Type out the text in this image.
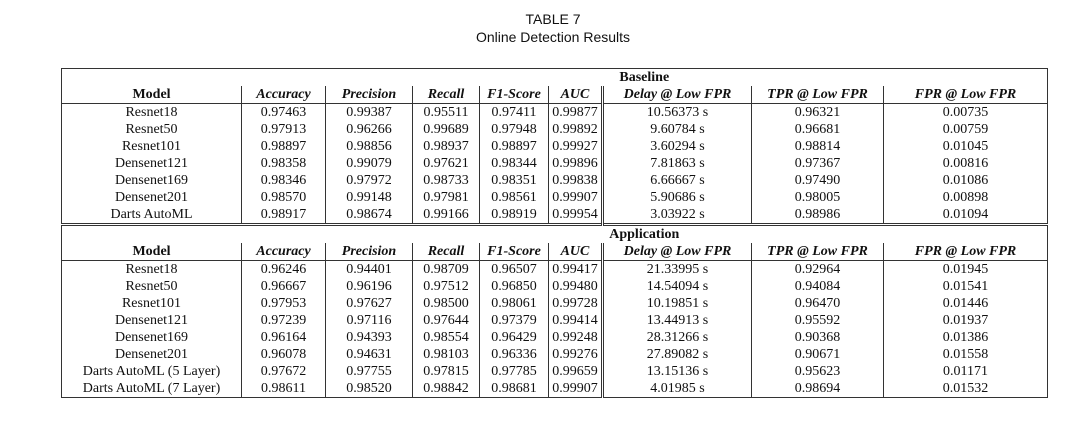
TABLE 7
Online Detection Results
	Baseline							
Model	Accuracy	Precision	Recall	F1-Score	AUC	Delay @ Low FPR	TPR @ Low FPR	FPR @ Low FPR
Resnet18	0.97463	0.99387	0.95511	0.97411	0.99877	10.56373 s	0.96321	0.00735
Resnet50	0.97913	0.96266	0.99689	0.97948	0.99892	9.60784 s	0.96681	0.00759
Resnet101	0.98897	0.98856	0.98937	0.98897	0.99927	3.60294 s	0.98814	0.01045
Densenet121	0.98358	0.99079	0.97621	0.98344	0.99896	7.81863 s	0.97367	0.00816
Densenet169	0.98346	0.97972	0.98733	0.98351	0.99838	6.66667 s	0.97490	0.01086
Densenet201	0.98570	0.99148	0.97981	0.98561	0.99907	5.90686 s	0.98005	0.00898
Darts AutoML	0.98917	0.98674	0.99166	0.98919	0.99954	3.03922 s	0.98986	0.01094
	Application							
Model	Accuracy	Precision	Recall	F1-Score	AUC	Delay @ Low FPR	TPR @ Low FPR	FPR @ Low FPR
Resnet18	0.96246	0.94401	0.98709	0.96507	0.99417	21.33995 s	0.92964	0.01945
Resnet50	0.96667	0.96196	0.97512	0.96850	0.99480	14.54094 s	0.94084	0.01541
Resnet101	0.97953	0.97627	0.98500	0.98061	0.99728	10.19851 s	0.96470	0.01446
Densenet121	0.97239	0.97116	0.97644	0.97379	0.99414	13.44913 s	0.95592	0.01937
Densenet169	0.96164	0.94393	0.98554	0.96429	0.99248	28.31266 s	0.90368	0.01386
Densenet201	0.96078	0.94631	0.98103	0.96336	0.99276	27.89082 s	0.90671	0.01558
Darts AutoML (5 Layer)	0.97672	0.97755	0.97815	0.97785	0.99659	13.15136 s	0.95623	0.01171
Darts AutoML (7 Layer)	0.98611	0.98520	0.98842	0.98681	0.99907	4.01985 s	0.98694	0.01532
